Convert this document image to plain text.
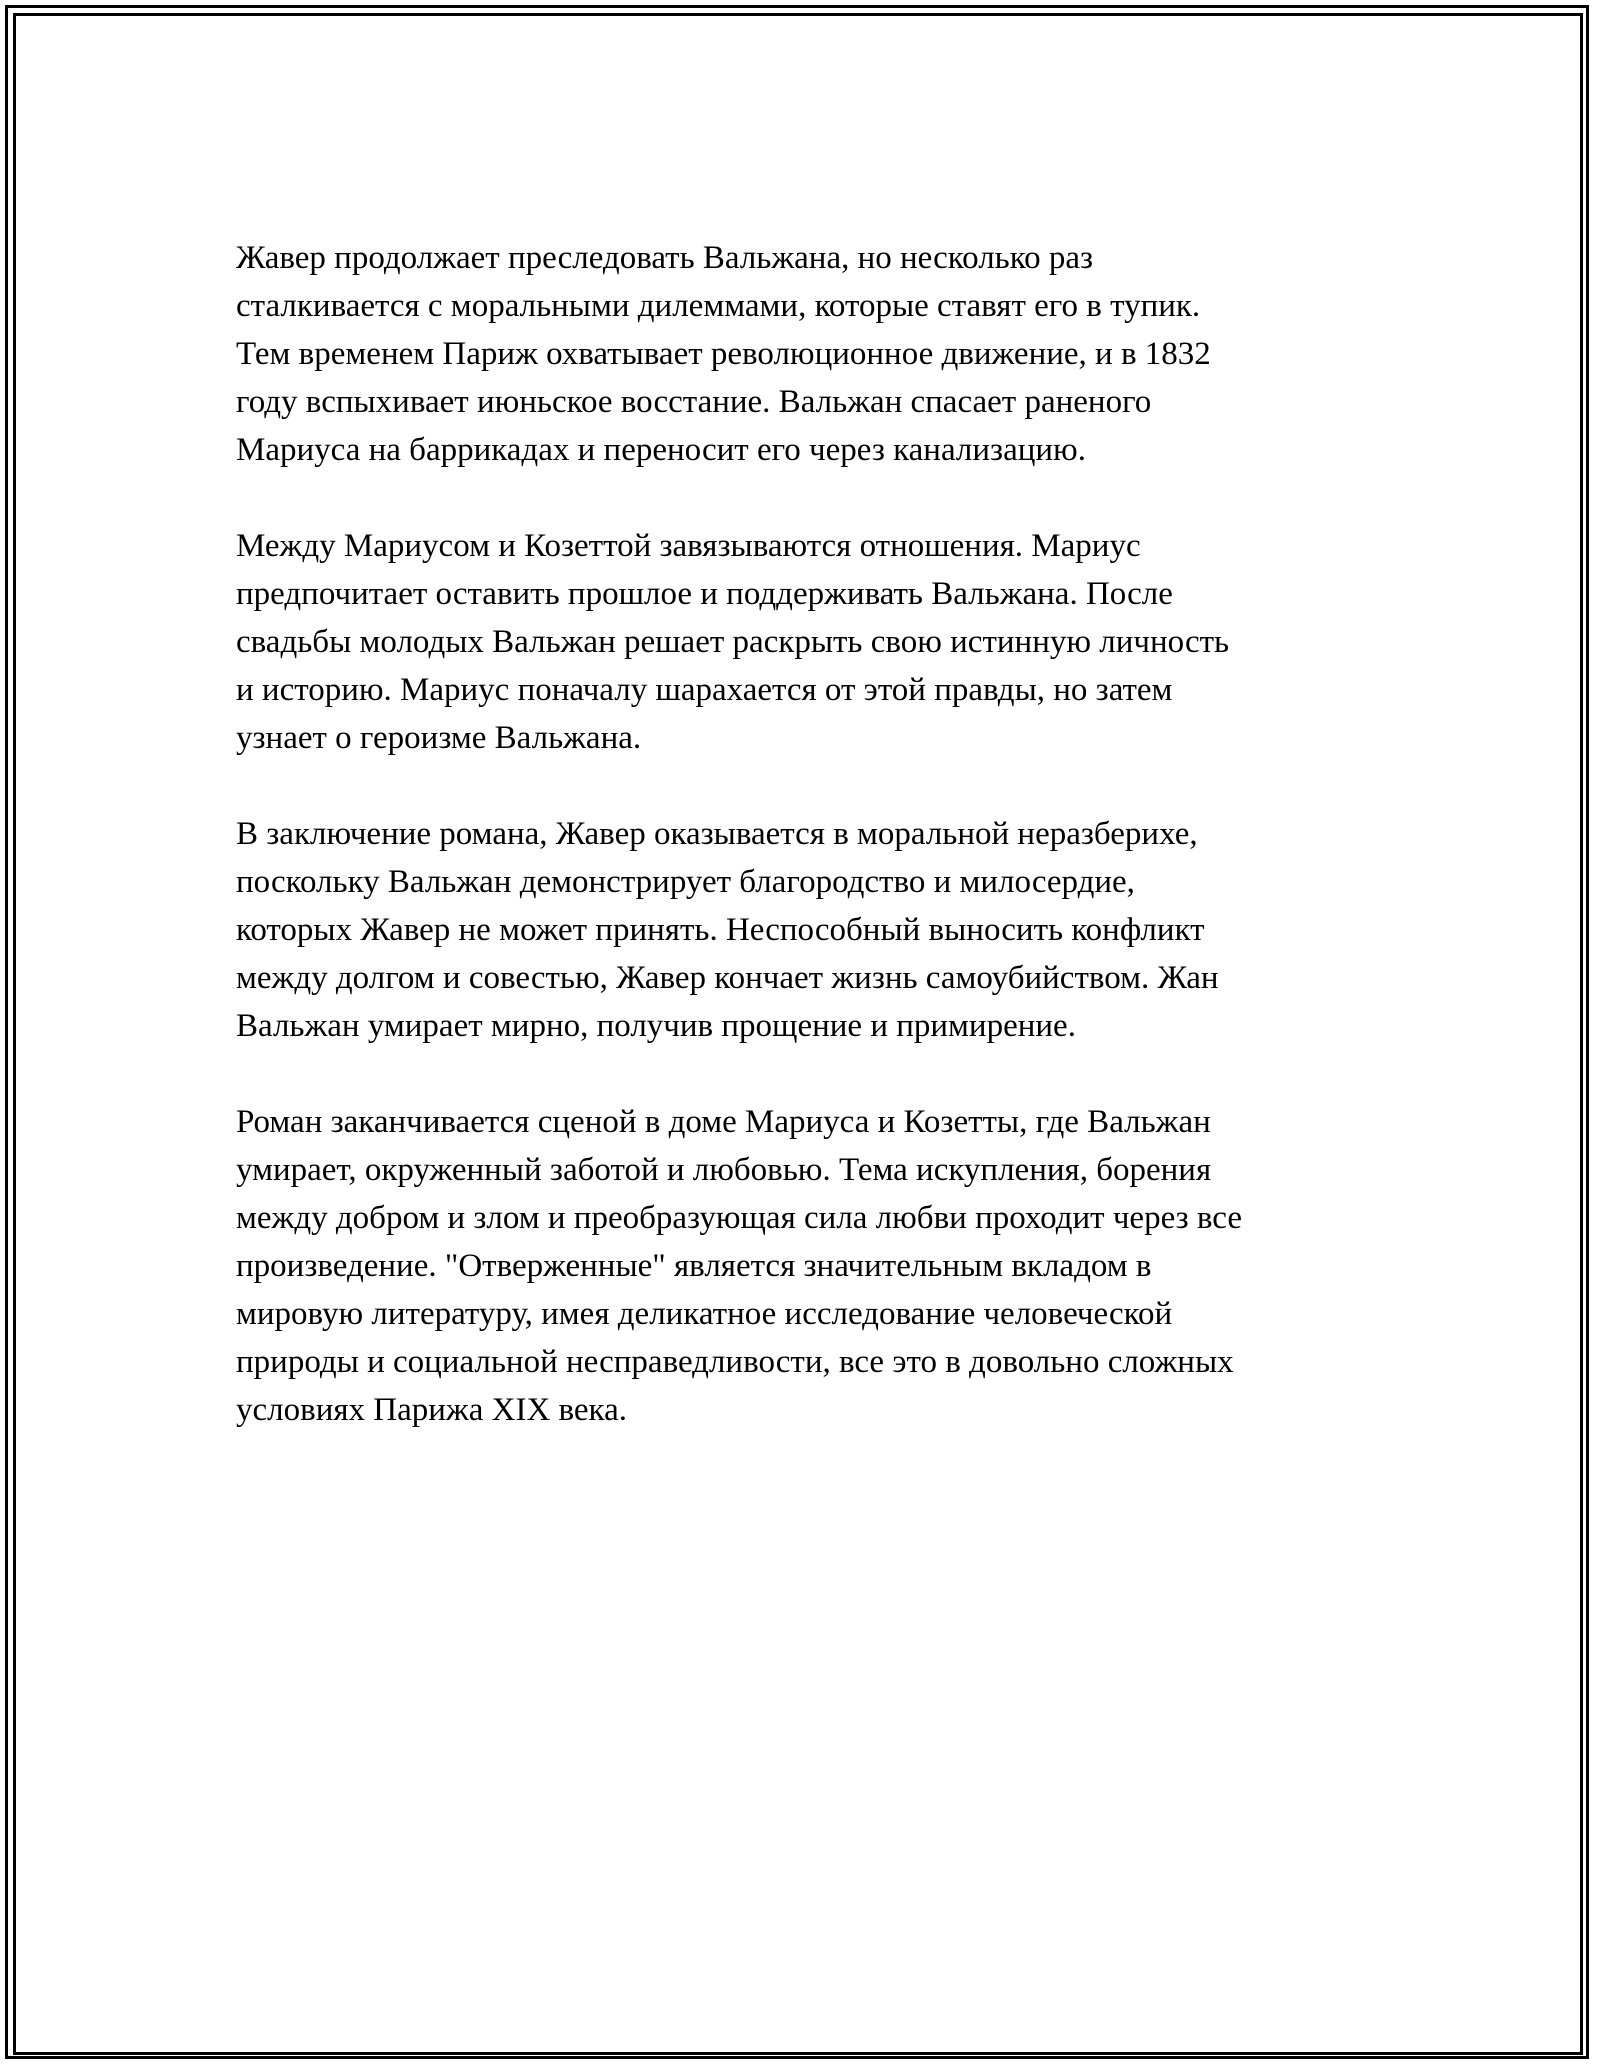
Жавер продолжает преследовать Вальжана, но несколько раз
сталкивается с моральными дилеммами, которые ставят его в тупик.
Тем временем Париж охватывает революционное движение, и в 1832
году вспыхивает июньское восстание. Вальжан спасает раненого
Мариуса на баррикадах и переносит его через канализацию.

Между Мариусом и Козеттой завязываются отношения. Мариус
предпочитает оставить прошлое и поддерживать Вальжана. После
свадьбы молодых Вальжан решает раскрыть свою истинную личность
и историю. Мариус поначалу шарахается от этой правды, но затем
узнает о героизме Вальжана.

В заключение романа, Жавер оказывается в моральной неразберихе,
поскольку Вальжан демонстрирует благородство и милосердие,
которых Жавер не может принять. Неспособный выносить конфликт
между долгом и совестью, Жавер кончает жизнь самоубийством. Жан
Вальжан умирает мирно, получив прощение и примирение.

Роман заканчивается сценой в доме Мариуса и Козетты, где Вальжан
умирает, окруженный заботой и любовью. Тема искупления, борения
между добром и злом и преобразующая сила любви проходит через все
произведение. "Отверженные" является значительным вкладом в
мировую литературу, имея деликатное исследование человеческой
природы и социальной несправедливости, все это в довольно сложных
условиях Парижа XIX века.
